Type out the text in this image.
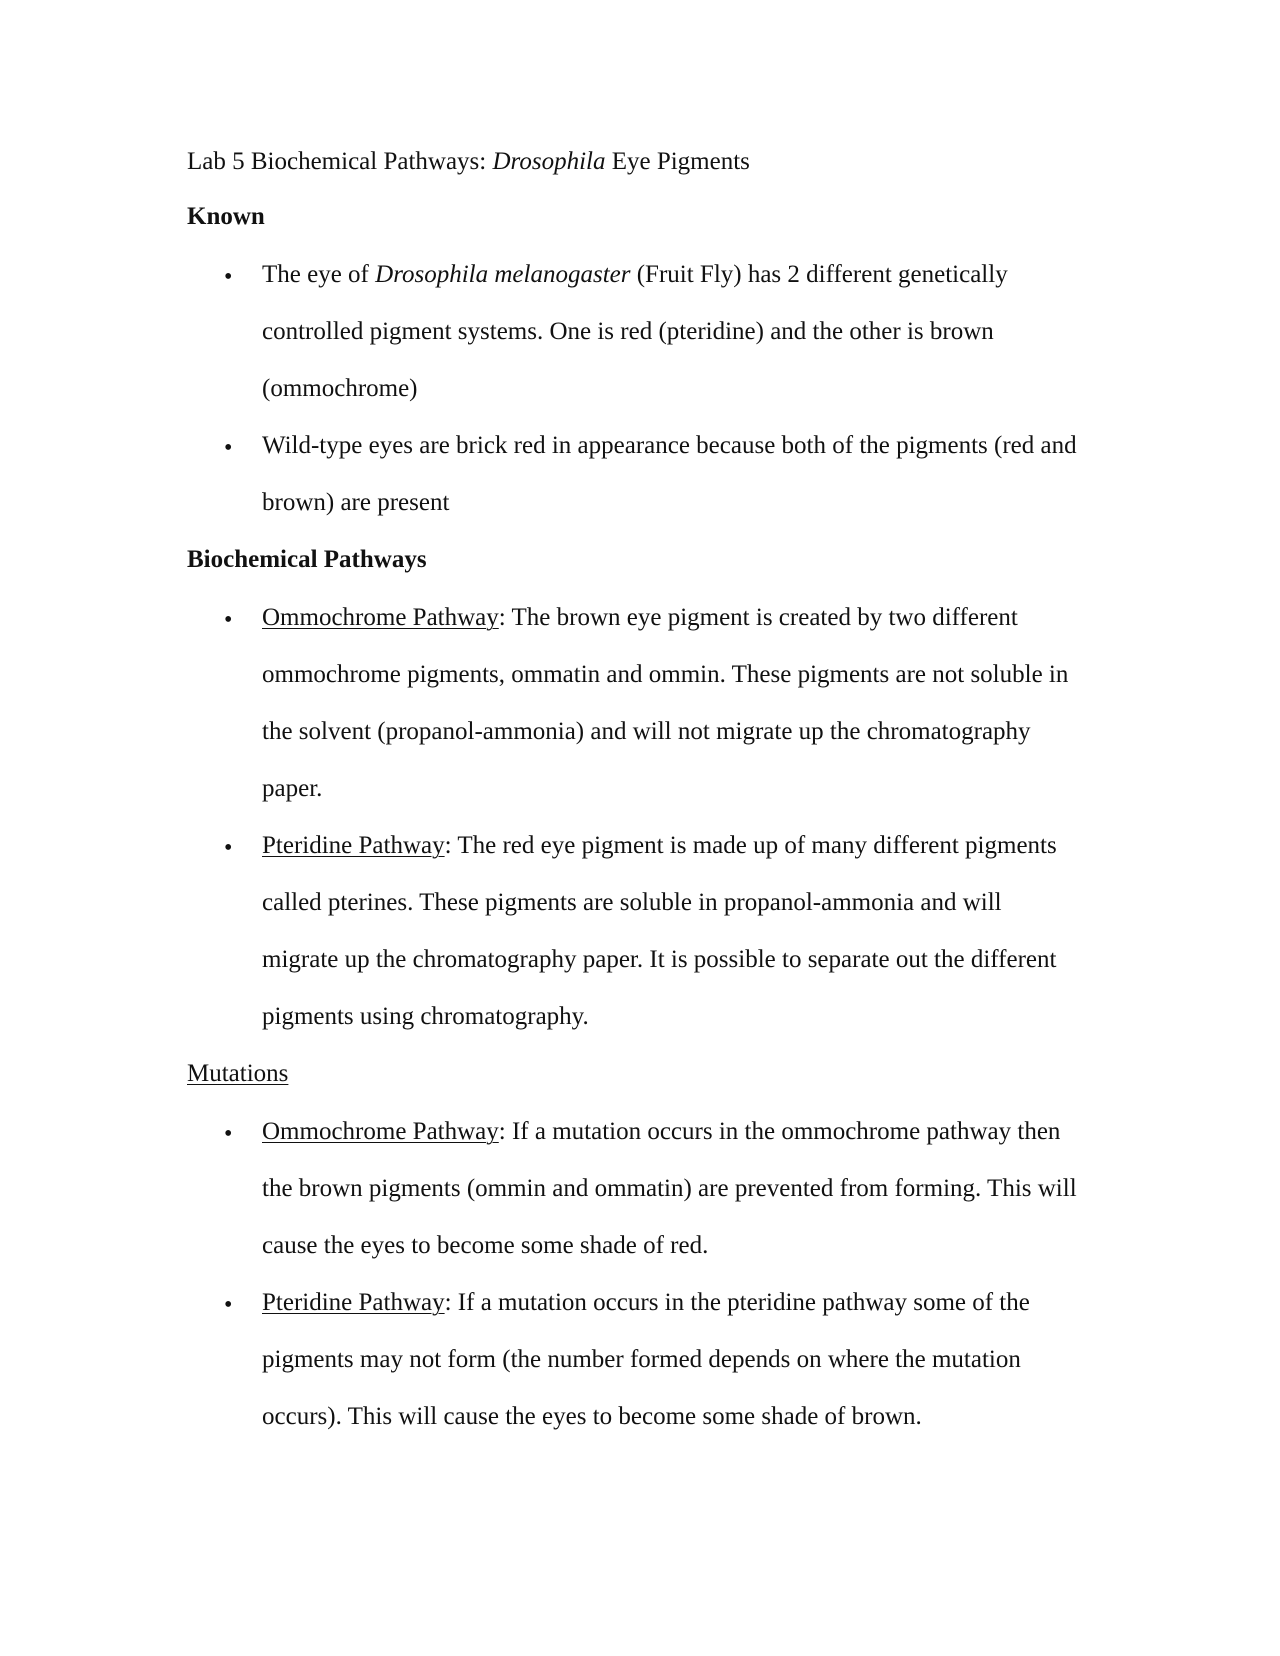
Lab 5 Biochemical Pathways: Drosophila Eye Pigments
Known
• The eye of Drosophila melanogaster (Fruit Fly) has 2 different genetically
controlled pigment systems. One is red (pteridine) and the other is brown
(ommochrome)
• Wild-type eyes are brick red in appearance because both of the pigments (red and
brown) are present
Biochemical Pathways
• Ommochrome Pathway: The brown eye pigment is created by two different
ommochrome pigments, ommatin and ommin. These pigments are not soluble in
the solvent (propanol-ammonia) and will not migrate up the chromatography
paper.
• Pteridine Pathway: The red eye pigment is made up of many different pigments
called pterines. These pigments are soluble in propanol-ammonia and will
migrate up the chromatography paper. It is possible to separate out the different
pigments using chromatography.
Mutations
• Ommochrome Pathway: If a mutation occurs in the ommochrome pathway then
the brown pigments (ommin and ommatin) are prevented from forming. This will
cause the eyes to become some shade of red.
• Pteridine Pathway: If a mutation occurs in the pteridine pathway some of the
pigments may not form (the number formed depends on where the mutation
occurs). This will cause the eyes to become some shade of brown.
